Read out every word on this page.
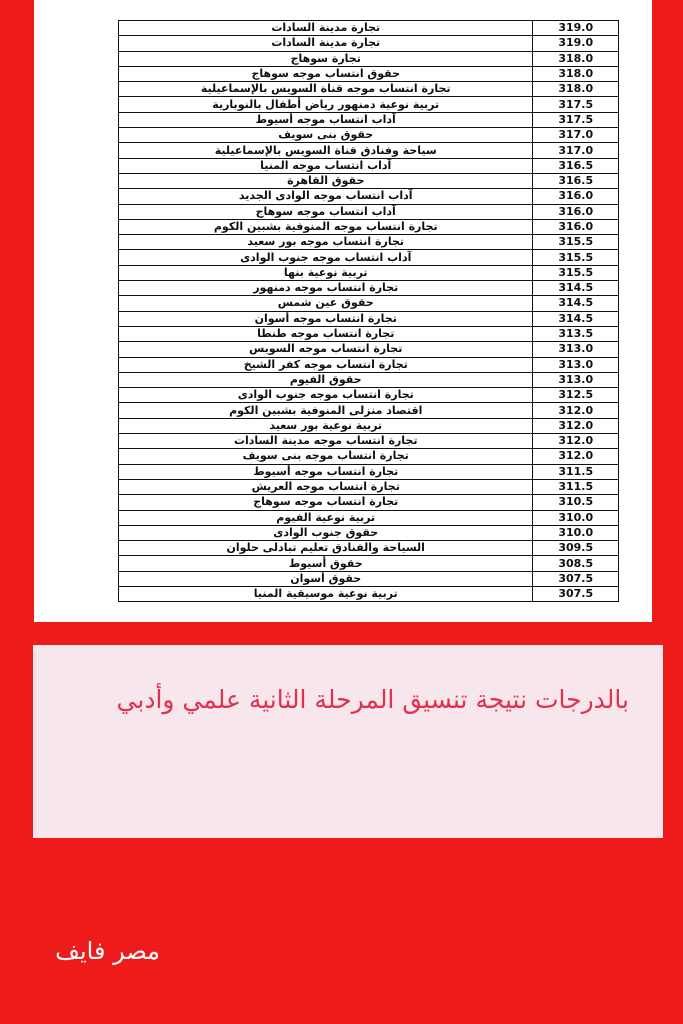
تجارة مدينة السادات	319.0
تجارة مدينة السادات	319.0
تجارة سوهاج	318.0
حقوق انتساب موجه سوهاج	318.0
تجارة انتساب موجه قناة السويس بالإسماعيلية	318.0
تربية نوعية دمنهور رياض أطفال بالنوبارية	317.5
آداب انتساب موجه أسيوط	317.5
حقوق بنى سويف	317.0
سياحة وفنادق قناة السويس بالإسماعيلية	317.0
آداب انتساب موجه المنيا	316.5
حقوق القاهرة	316.5
آداب انتساب موجه الوادى الجديد	316.0
آداب انتساب موجه سوهاج	316.0
تجارة انتساب موجه المنوفية بشبين الكوم	316.0
تجارة انتساب موجه بور سعيد	315.5
آداب انتساب موجه جنوب الوادى	315.5
تربية نوعية بنها	315.5
تجارة انتساب موجه دمنهور	314.5
حقوق عين شمس	314.5
تجارة انتساب موجه أسوان	314.5
تجارة انتساب موجه طنطا	313.5
تجارة انتساب موجه السويس	313.0
تجارة انتساب موجه كفر الشيخ	313.0
حقوق الفيوم	313.0
تجارة انتساب موجه جنوب الوادى	312.5
اقتصاد منزلى المنوفية بشبين الكوم	312.0
تربية نوعية بور سعيد	312.0
تجارة انتساب موجه مدينة السادات	312.0
تجارة انتساب موجه بنى سويف	312.0
تجارة انتساب موجه أسيوط	311.5
تجارة انتساب موجه العريش	311.5
تجارة انتساب موجه سوهاج	310.5
تربية نوعية الفيوم	310.0
حقوق جنوب الوادى	310.0
السياحة والفنادق تعليم تبادلى حلوان	309.5
حقوق أسيوط	308.5
حقوق أسوان	307.5
تربية نوعية موسيقية المنيا	307.5
بالدرجات نتيجة تنسيق المرحلة الثانية علمي وأدبي
مصر فايف
